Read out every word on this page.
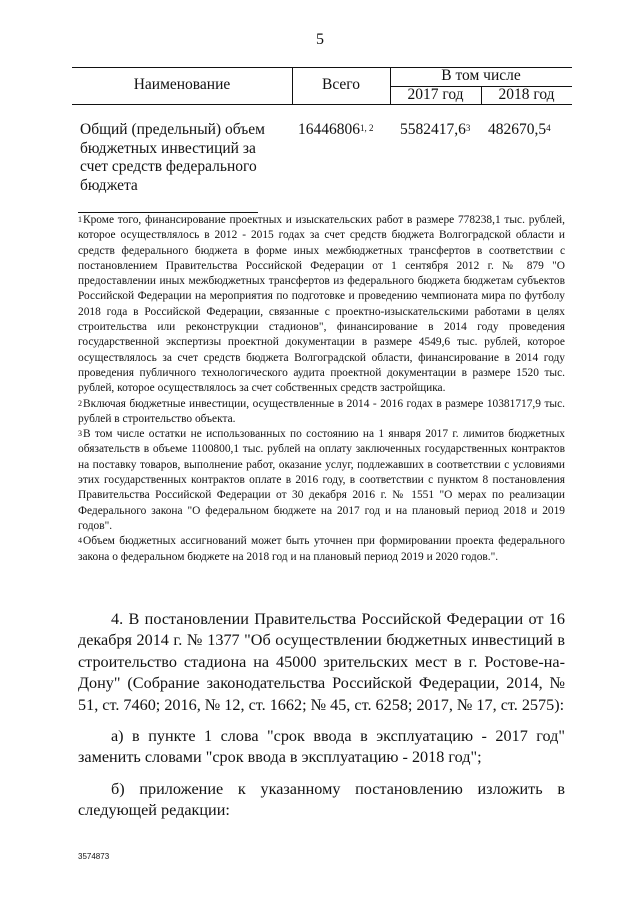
5
Наименование	Всего
В том числе
2017 год	2018 год
Общий (предельный) объем бюджетных инвестиций за счет средств федерального бюджета
16446806$^{1, 2}$ 5582417,6$^3$ 482670,5$^4$

$^1$Кроме того, финансирование проектных и изыскательских работ в размере 778238,1 тыс. рублей, которое осуществлялось в 2012 - 2015 годах за счет средств бюджета Волгоградской области и средств федерального бюджета в форме иных межбюджетных трансфертов в соответствии с постановлением Правительства Российской Федерации от 1 сентября 2012 г. № 879 "О предоставлении иных межбюджетных трансфертов из федерального бюджета бюджетам субъектов Российской Федерации на мероприятия по подготовке и проведению чемпионата мира по футболу 2018 года в Российской Федерации, связанные с проектно-изыскательскими работами в целях строительства или реконструкции стадионов", финансирование в 2014 году проведения государственной экспертизы проектной документации в размере 4549,6 тыс. рублей, которое осуществлялось за счет средств бюджета Волгоградской области, финансирование в 2014 году проведения публичного технологического аудита проектной документации в размере 1520 тыс. рублей, которое осуществлялось за счет собственных средств застройщика.

$^2$Включая бюджетные инвестиции, осуществленные в 2014 - 2016 годах в размере 10381717,9 тыс. рублей в строительство объекта.

$^3$В том числе остатки не использованных по состоянию на 1 января 2017 г. лимитов бюджетных обязательств в объеме 1100800,1 тыс. рублей на оплату заключенных государственных контрактов на поставку товаров, выполнение работ, оказание услуг, подлежавших в соответствии с условиями этих государственных контрактов оплате в 2016 году, в соответствии с пунктом 8 постановления Правительства Российской Федерации от 30 декабря 2016 г. № 1551 "О мерах по реализации Федерального закона "О федеральном бюджете на 2017 год и на плановый период 2018 и 2019 годов".

$^4$Объем бюджетных ассигнований может быть уточнен при формировании проекта федерального закона о федеральном бюджете на 2018 год и на плановый период 2019 и 2020 годов.".

4. В постановлении Правительства Российской Федерации от 16 декабря 2014 г. № 1377 "Об осуществлении бюджетных инвестиций в строительство стадиона на 45000 зрительских мест в г. Ростове-на-Дону" (Собрание законодательства Российской Федерации, 2014, № 51, ст. 7460; 2016, № 12, ст. 1662; № 45, ст. 6258; 2017, № 17, ст. 2575):

а) в пункте 1 слова "срок ввода в эксплуатацию - 2017 год" заменить словами "срок ввода в эксплуатацию - 2018 год";

б) приложение к указанному постановлению изложить в следующей редакции:

3574873
